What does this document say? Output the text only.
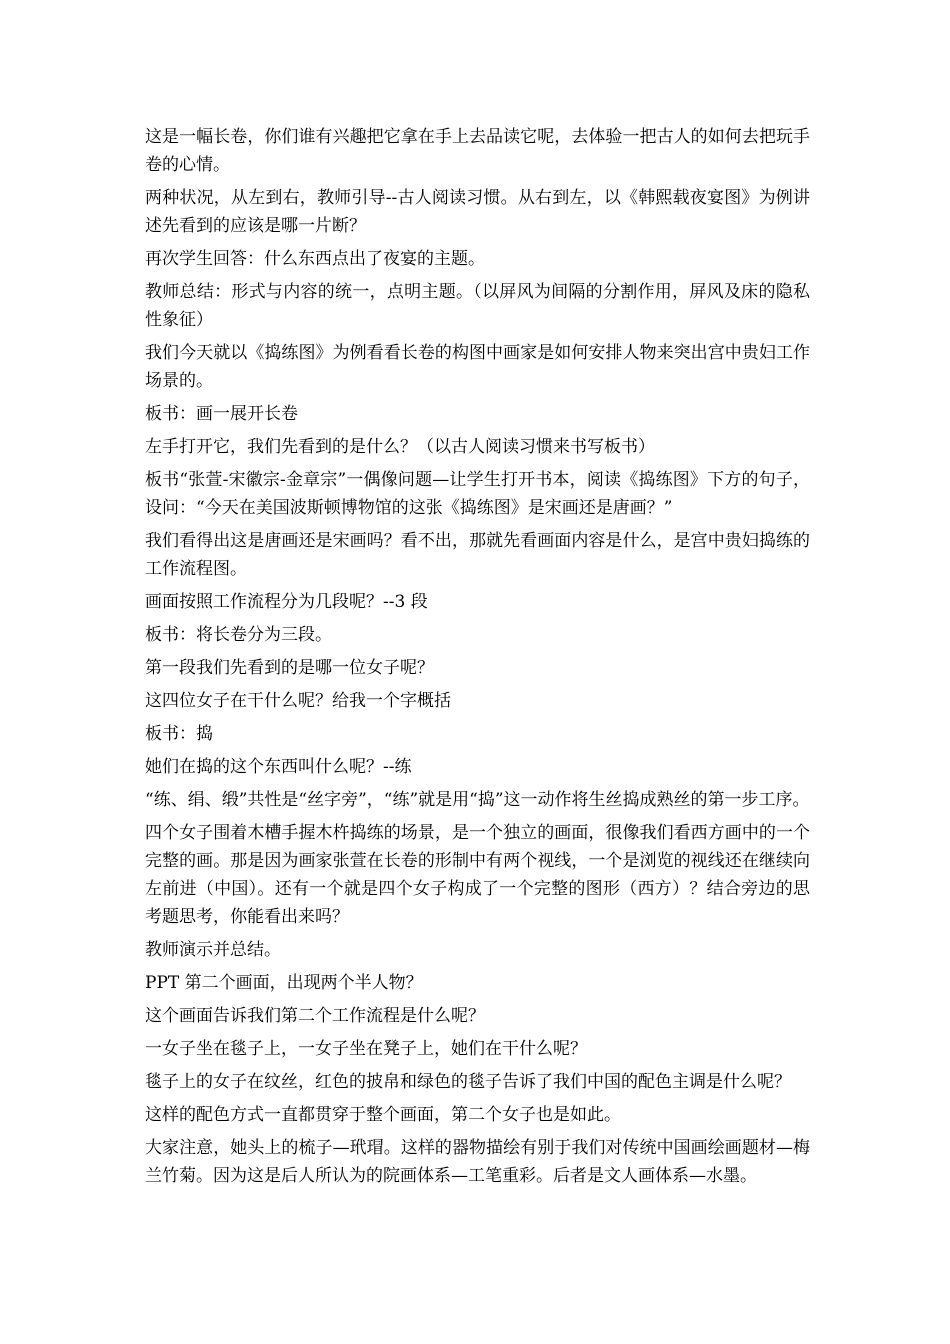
这是一幅长卷，你们谁有兴趣把它拿在手上去品读它呢，去体验一把古人的如何去把玩手卷的心情。

两种状况，从左到右，教师引导--古人阅读习惯。从右到左，以《韩熙载夜宴图》为例讲述先看到的应该是哪一片断？

再次学生回答：什么东西点出了夜宴的主题。

教师总结：形式与内容的统一，点明主题。（以屏风为间隔的分割作用，屏风及床的隐私性象征）

我们今天就以《捣练图》为例看看长卷的构图中画家是如何安排人物来突出宫中贵妇工作场景的。

板书：画一展开长卷

左手打开它，我们先看到的是什么？（以古人阅读习惯来书写板书）

板书“张萱-宋徽宗-金章宗”一偶像问题—让学生打开书本，阅读《捣练图》下方的句子，设问：“今天在美国波斯顿博物馆的这张《捣练图》是宋画还是唐画？”

我们看得出这是唐画还是宋画吗？看不出，那就先看画面内容是什么，是宫中贵妇捣练的工作流程图。

画面按照工作流程分为几段呢？--3 段

板书：将长卷分为三段。

第一段我们先看到的是哪一位女子呢？

这四位女子在干什么呢？给我一个字概括

板书：捣

她们在捣的这个东西叫什么呢？--练

“练、绢、缎”共性是“丝字旁”，“练”就是用“捣”这一动作将生丝捣成熟丝的第一步工序。

四个女子围着木槽手握木杵捣练的场景，是一个独立的画面，很像我们看西方画中的一个完整的画。那是因为画家张萱在长卷的形制中有两个视线，一个是浏览的视线还在继续向左前进（中国）。还有一个就是四个女子构成了一个完整的图形（西方）？结合旁边的思考题思考，你能看出来吗？

教师演示并总结。

PPT 第二个画面，出现两个半人物？

这个画面告诉我们第二个工作流程是什么呢？

一女子坐在毯子上，一女子坐在凳子上，她们在干什么呢？

毯子上的女子在纹丝，红色的披帛和绿色的毯子告诉了我们中国的配色主调是什么呢？

这样的配色方式一直都贯穿于整个画面，第二个女子也是如此。

大家注意，她头上的梳子—玳瑁。这样的器物描绘有别于我们对传统中国画绘画题材—梅兰竹菊。因为这是后人所认为的院画体系—工笔重彩。后者是文人画体系—水墨。
